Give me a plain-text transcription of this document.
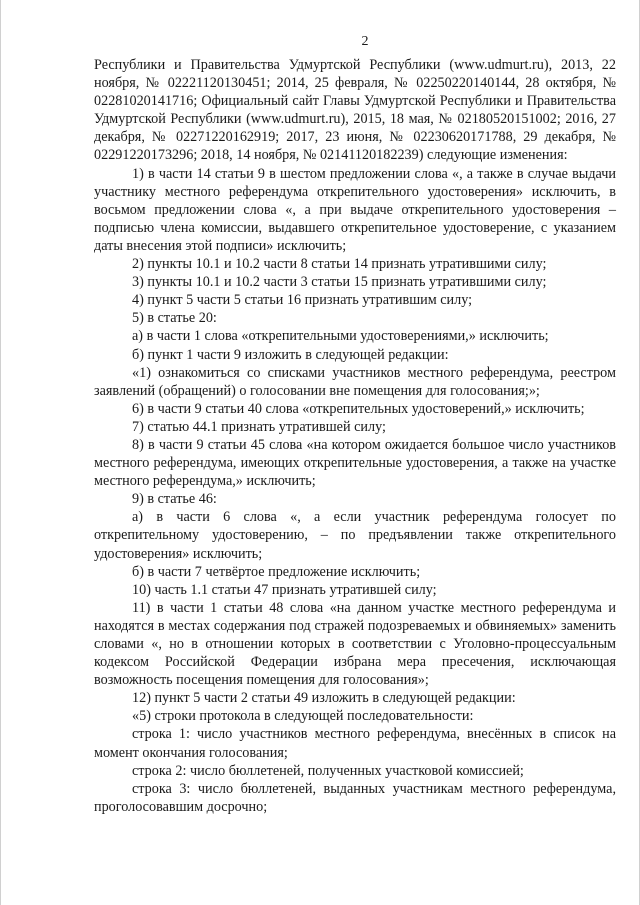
2

Республики и Правительства Удмуртской Республики (www.udmurt.ru), 2013, 22 ноября, № 02221120130451; 2014, 25 февраля, № 02250220140144, 28 октября, № 02281020141716; Официальный сайт Главы Удмуртской Республики и Правительства Удмуртской Республики (www.udmurt.ru), 2015, 18 мая, № 02180520151002; 2016, 27 декабря, № 02271220162919; 2017, 23 июня, № 02230620171788, 29 декабря, № 02291220173296; 2018, 14 ноября, № 02141120182239) следующие изменения:

1) в части 14 статьи 9 в шестом предложении слова «, а также в случае выдачи участнику местного референдума открепительного удостоверения» исключить, в восьмом предложении слова «, а при выдаче открепительного удостоверения – подписью члена комиссии, выдавшего открепительное удостоверение, с указанием даты внесения этой подписи» исключить;

2) пункты 10.1 и 10.2 части 8 статьи 14 признать утратившими силу;

3) пункты 10.1 и 10.2 части 3 статьи 15 признать утратившими силу;

4) пункт 5 части 5 статьи 16 признать утратившим силу;

5) в статье 20:

а) в части 1 слова «открепительными удостоверениями,» исключить;

б) пункт 1 части 9 изложить в следующей редакции:

«1) ознакомиться со списками участников местного референдума, реестром заявлений (обращений) о голосовании вне помещения для голосования;»;

6) в части 9 статьи 40 слова «открепительных удостоверений,» исключить;

7) статью 44.1 признать утратившей силу;

8) в части 9 статьи 45 слова «на котором ожидается большое число участников местного референдума, имеющих открепительные удостоверения, а также на участке местного референдума,» исключить;

9) в статье 46:

а) в части 6 слова «, а если участник референдума голосует по открепительному удостоверению, – по предъявлении также открепительного удостоверения» исключить;

б) в части 7 четвёртое предложение исключить;

10) часть 1.1 статьи 47 признать утратившей силу;

11) в части 1 статьи 48 слова «на данном участке местного референдума и находятся в местах содержания под стражей подозреваемых и обвиняемых» заменить словами «, но в отношении которых в соответствии с Уголовно-процессуальным кодексом Российской Федерации избрана мера пресечения, исключающая возможность посещения помещения для голосования»;

12) пункт 5 части 2 статьи 49 изложить в следующей редакции:

«5) строки протокола в следующей последовательности:

строка 1: число участников местного референдума, внесённых в список на момент окончания голосования;

строка 2: число бюллетеней, полученных участковой комиссией;

строка 3: число бюллетеней, выданных участникам местного референдума, проголосовавшим досрочно;
